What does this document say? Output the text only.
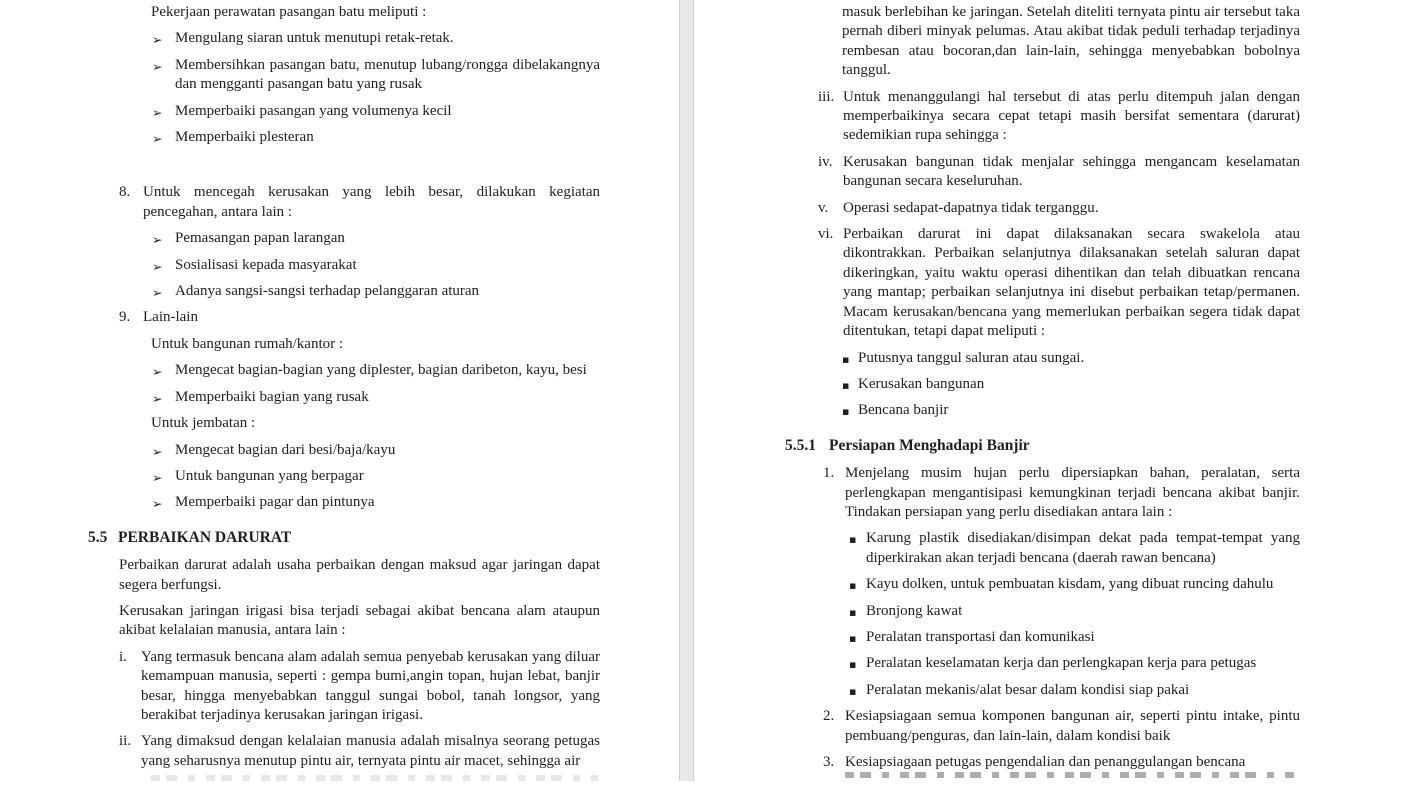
Pekerjaan perawatan pasangan batu meliputi :
➢ Mengulang siaran untuk menutupi retak-retak.
➢ Membersihkan pasangan batu, menutup lubang/rongga dibelakangnya dan mengganti pasangan batu yang rusak
➢ Memperbaiki pasangan yang volumenya kecil
➢ Memperbaiki plesteran
8. Untuk mencegah kerusakan yang lebih besar, dilakukan kegiatan pencegahan, antara lain :
➢ Pemasangan papan larangan
➢ Sosialisasi kepada masyarakat
➢ Adanya sangsi-sangsi terhadap pelanggaran aturan
9. Lain-lain
Untuk bangunan rumah/kantor :
➢ Mengecat bagian-bagian yang diplester, bagian daribeton, kayu, besi
➢ Memperbaiki bagian yang rusak
Untuk jembatan :
➢ Mengecat bagian dari besi/baja/kayu
➢ Untuk bangunan yang berpagar
➢ Memperbaiki pagar dan pintunya
5.5 PERBAIKAN DARURAT
Perbaikan darurat adalah usaha perbaikan dengan maksud agar jaringan dapat segera berfungsi.
Kerusakan jaringan irigasi bisa terjadi sebagai akibat bencana alam ataupun akibat kelalaian manusia, antara lain :
i. Yang termasuk bencana alam adalah semua penyebab kerusakan yang diluar kemampuan manusia, seperti : gempa bumi,angin topan, hujan lebat, banjir besar, hingga menyebabkan tanggul sungai bobol, tanah longsor, yang berakibat terjadinya kerusakan jaringan irigasi.
ii. Yang dimaksud dengan kelalaian manusia adalah misalnya seorang petugas yang seharusnya menutup pintu air, ternyata pintu air macet, sehingga air
masuk berlebihan ke jaringan. Setelah diteliti ternyata pintu air tersebut taka pernah diberi minyak pelumas. Atau akibat tidak peduli terhadap terjadinya rembesan atau bocoran,dan lain-lain, sehingga menyebabkan bobolnya tanggul.
iii. Untuk menanggulangi hal tersebut di atas perlu ditempuh jalan dengan memperbaikinya secara cepat tetapi masih bersifat sementara (darurat) sedemikian rupa sehingga :
iv. Kerusakan bangunan tidak menjalar sehingga mengancam keselamatan bangunan secara keseluruhan.
v. Operasi sedapat-dapatnya tidak terganggu.
vi. Perbaikan darurat ini dapat dilaksanakan secara swakelola atau dikontrakkan. Perbaikan selanjutnya dilaksanakan setelah saluran dapat dikeringkan, yaitu waktu operasi dihentikan dan telah dibuatkan rencana yang mantap; perbaikan selanjutnya ini disebut perbaikan tetap/permanen. Macam kerusakan/bencana yang memerlukan perbaikan segera tidak dapat ditentukan, tetapi dapat meliputi :
▪ Putusnya tanggul saluran atau sungai.
▪ Kerusakan bangunan
▪ Bencana banjir
5.5.1 Persiapan Menghadapi Banjir
1. Menjelang musim hujan perlu dipersiapkan bahan, peralatan, serta perlengkapan mengantisipasi kemungkinan terjadi bencana akibat banjir. Tindakan persiapan yang perlu disediakan antara lain :
▪ Karung plastik disediakan/disimpan dekat pada tempat-tempat yang diperkirakan akan terjadi bencana (daerah rawan bencana)
▪ Kayu dolken, untuk pembuatan kisdam, yang dibuat runcing dahulu
▪ Bronjong kawat
▪ Peralatan transportasi dan komunikasi
▪ Peralatan keselamatan kerja dan perlengkapan kerja para petugas
▪ Peralatan mekanis/alat besar dalam kondisi siap pakai
2. Kesiapsiagaan semua komponen bangunan air, seperti pintu intake, pintu pembuang/penguras, dan lain-lain, dalam kondisi baik
3. Kesiapsiagaan petugas pengendalian dan penanggulangan bencana
